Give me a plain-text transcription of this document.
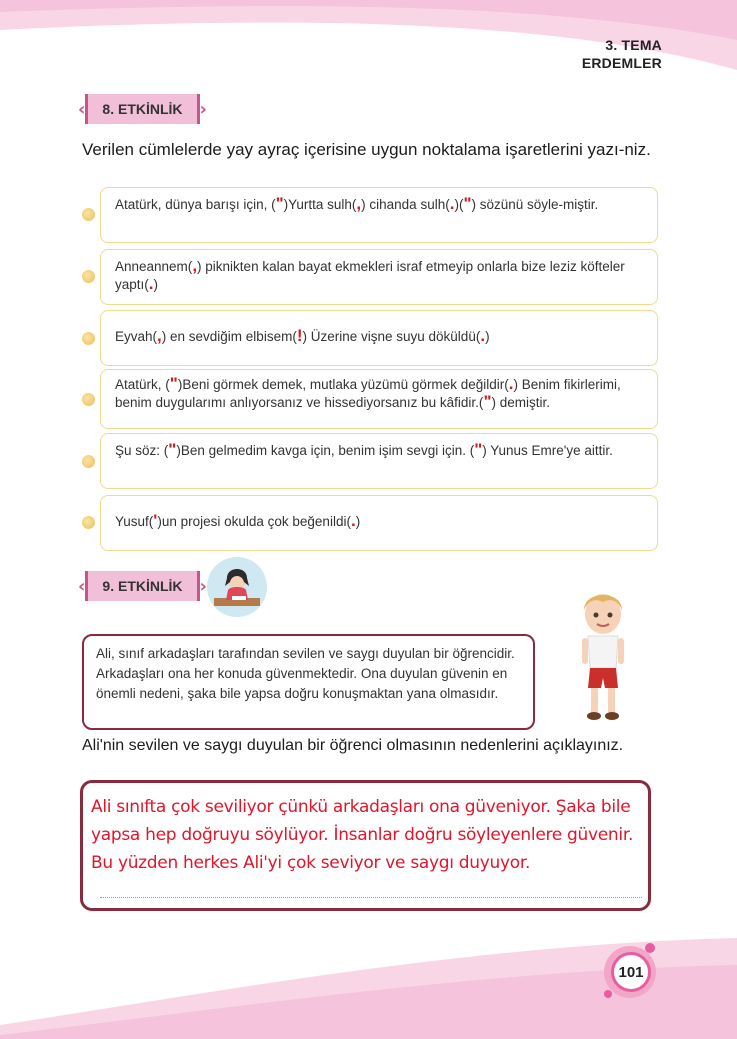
3. TEMA
ERDEMLER
‹	8. ETKİNLİK ›
Verilen cümlelerde yay ayraç içerisine uygun noktalama işaretlerini yazı-niz.
Atatürk, dünya barışı için, (")Yurtta sulh(,) cihanda sulh(.)(") sözünü söyle-miştir.
Anneannem(,) piknikten kalan bayat ekmekleri israf etmeyip onlarla bize leziz köfteler yaptı(.)
Eyvah(,) en sevdiğim elbisem(!) Üzerine vişne suyu döküldü(.)
Atatürk, (")Beni görmek demek, mutlaka yüzümü görmek değildir(.) Benim fikirlerimi, benim duygularımı anlıyorsanız ve hissediyorsanız bu kâfidir.(") demiştir.
Şu söz: (")Ben gelmedim kavga için, benim işim sevgi için. (") Yunus Emre'ye aittir.
Yusuf(')un projesi okulda çok beğenildi(.)
‹	9. ETKİNLİK ›
Ali, sınıf arkadaşları tarafından sevilen ve saygı duyulan bir öğrencidir. Arkadaşları ona her konuda güvenmektedir. Ona duyulan güvenin en önemli nedeni, şaka bile yapsa doğru konuşmaktan yana olmasıdır.
Ali'nin sevilen ve saygı duyulan bir öğrenci olmasının nedenlerini açıklayınız.
Ali sınıfta çok seviliyor çünkü arkadaşları ona güveniyor. Şaka bile yapsa hep doğruyu söylüyor. İnsanlar doğru söyleyenlere güvenir. Bu yüzden herkes Ali'yi çok seviyor ve saygı duyuyor.
101
